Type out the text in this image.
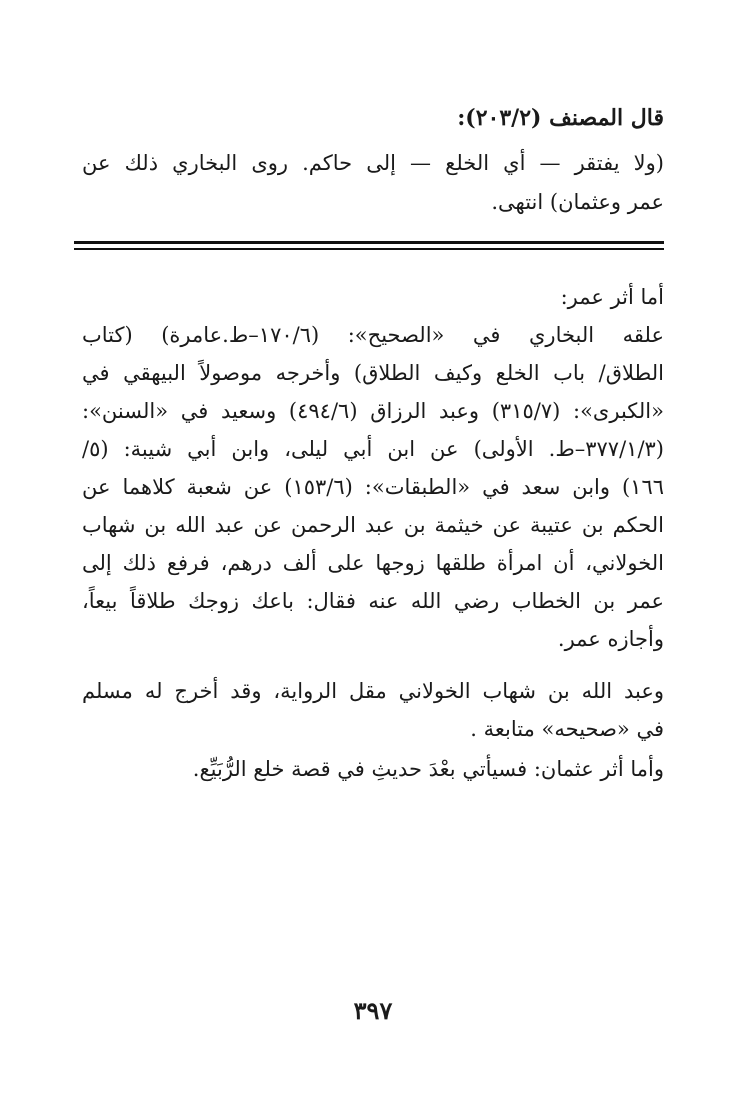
قال المصنف (٢٠٣/٢):
(ولا يفتقر — أي الخلع — إلى حاكم. روى البخاري ذلك عن
عمر وعثمان) انتهى.
أما أثر عمر:
علقه البخاري في «الصحيح»: (١٧٠/٦–ط.عامرة) (كتاب
الطلاق/ باب الخلع وكيف الطلاق) وأخرجه موصولاً البيهقي في
«الكبرى»: (٣١٥/٧) وعبد الرزاق (٤٩٤/٦) وسعيد في «السنن»:
(٣٧٧/١/٣–ط. الأولى) عن ابن أبي ليلى، وابن أبي شيبة: (٥/
١٦٦) وابن سعد في «الطبقات»: (١٥٣/٦) عن شعبة كلاهما عن
الحكم بن عتيبة عن خيثمة بن عبد الرحمن عن عبد الله بن شهاب
الخولاني، أن امرأة طلقها زوجها على ألف درهم، فرفع ذلك إلى
عمر بن الخطاب رضي الله عنه فقال: باعك زوجك طلاقاً بيعاً،
وأجازه عمر.
وعبد الله بن شهاب الخولاني مقل الرواية، وقد أخرج له مسلم
في «صحيحه» متابعة .
وأما أثر عثمان: فسيأتي بعْدَ حديثِ في قصة خلع الرُّبَيِّع.
٣٩٧
